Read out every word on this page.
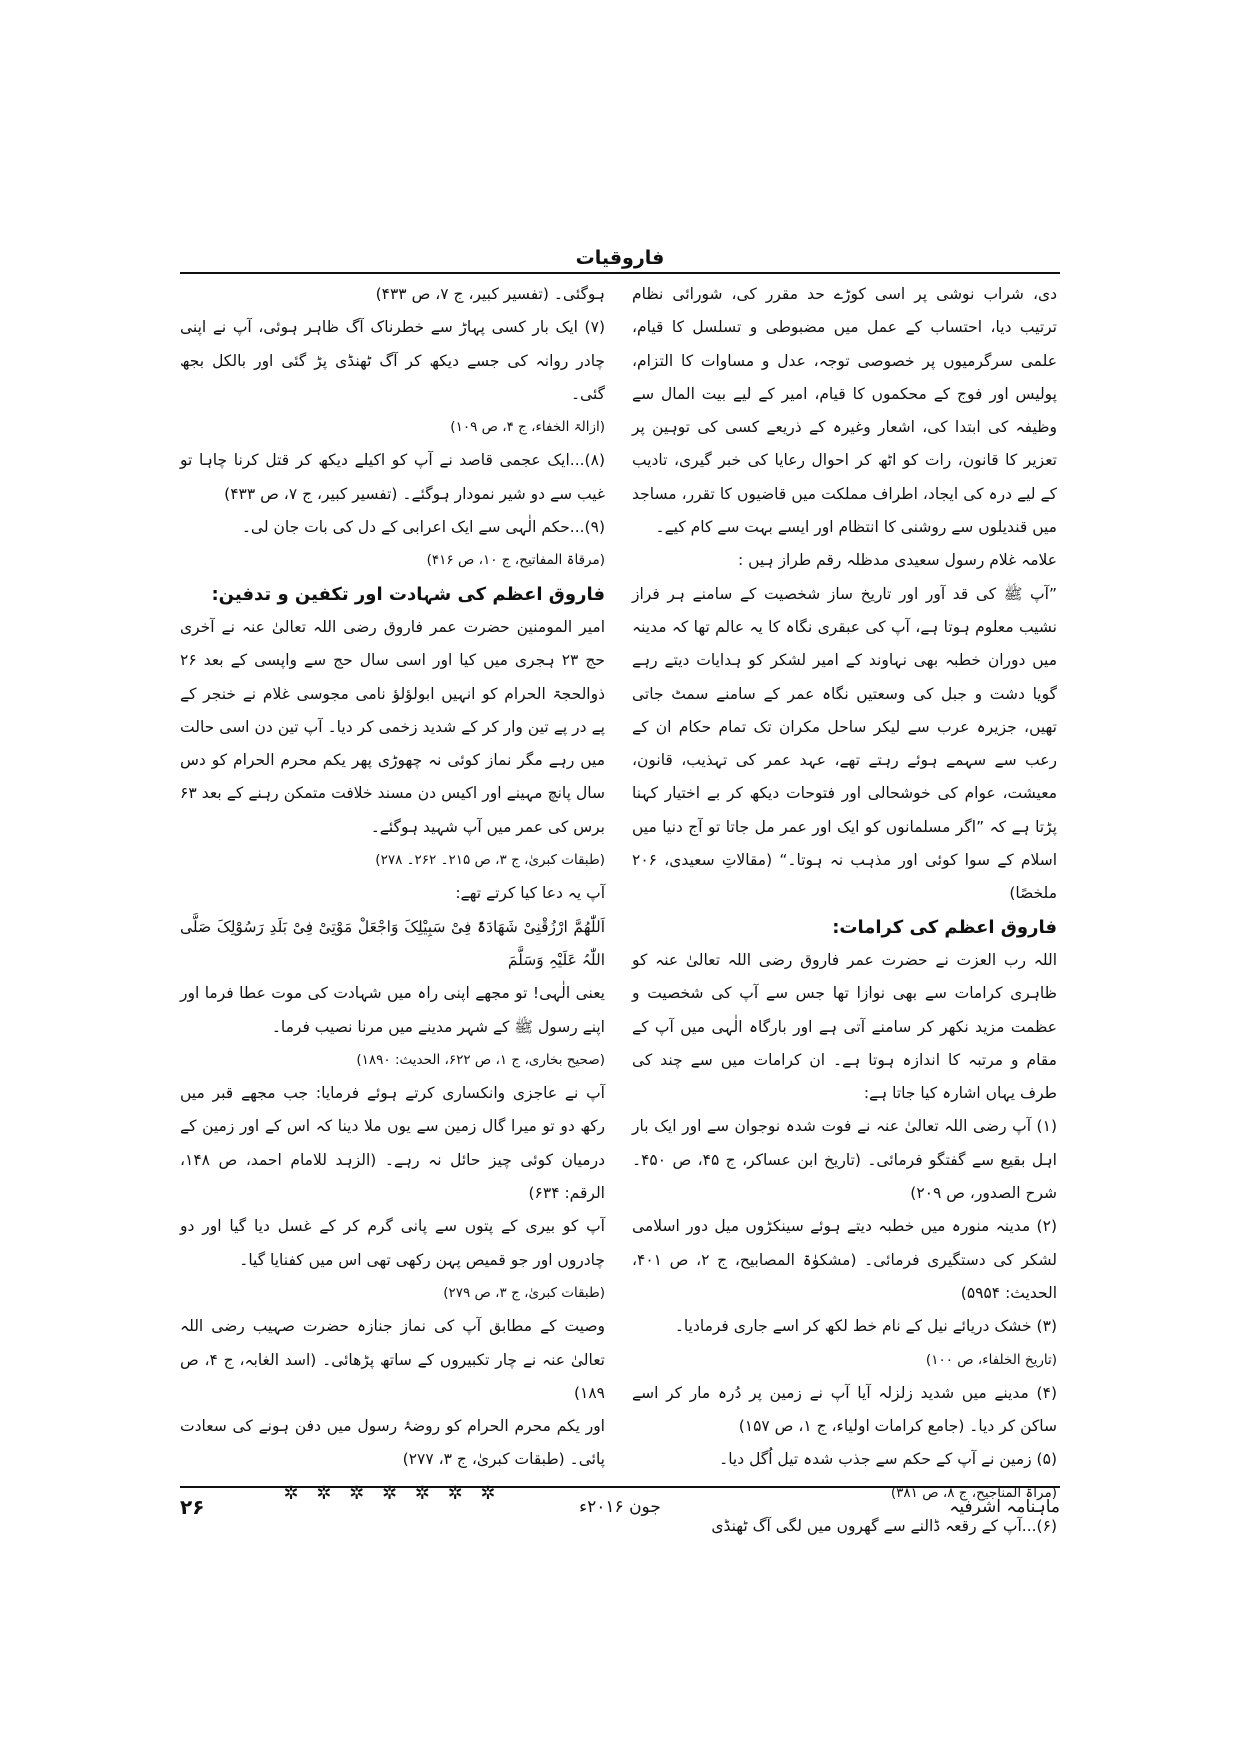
فاروقیات

دی، شراب نوشی پر اسی کوڑے حد مقرر کی، شورائی نظام ترتیب دیا، احتساب کے عمل میں مضبوطی و تسلسل کا قیام، علمی سرگرمیوں پر خصوصی توجہ، عدل و مساوات کا التزام، پولیس اور فوج کے محکموں کا قیام، امیر کے لیے بیت المال سے وظیفہ کی ابتدا کی، اشعار وغیرہ کے ذریعے کسی کی توہین پر تعزیر کا قانون، رات کو اٹھ کر احوال رعایا کی خبر گیری، تادیب کے لیے درہ کی ایجاد، اطراف مملکت میں قاضیوں کا تقرر، مساجد میں قندیلوں سے روشنی کا انتظام اور ایسے بہت سے کام کیے۔

علامہ غلام رسول سعیدی مدظلہ رقم طراز ہیں :

”آپ ﷺ کی قد آور اور تاریخ ساز شخصیت کے سامنے ہر فراز نشیب معلوم ہوتا ہے، آپ کی عبقری نگاہ کا یہ عالم تھا کہ مدینہ میں دوران خطبہ بھی نہاوند کے امیر لشکر کو ہدایات دیتے رہے گویا دشت و جبل کی وسعتیں نگاہ عمر کے سامنے سمٹ جاتی تھیں، جزیرہ عرب سے لیکر ساحل مکران تک تمام حکام ان کے رعب سے سہمے ہوئے رہتے تھے، عہد عمر کی تہذیب، قانون، معیشت، عوام کی خوشحالی اور فتوحات دیکھ کر بے اختیار کہنا پڑتا ہے کہ ”اگر مسلمانوں کو ایک اور عمر مل جاتا تو آج دنیا میں اسلام کے سوا کوئی اور مذہب نہ ہوتا۔“ (مقالاتِ سعیدی، ۲۰۶ ملخصًا)

فاروق اعظم کی کرامات:

اللہ رب العزت نے حضرت عمر فاروق رضی اللہ تعالیٰ عنہ کو ظاہری کرامات سے بھی نوازا تھا جس سے آپ کی شخصیت و عظمت مزید نکھر کر سامنے آتی ہے اور بارگاہ الٰہی میں آپ کے مقام و مرتبہ کا اندازہ ہوتا ہے۔ ان کرامات میں سے چند کی طرف یہاں اشارہ کیا جاتا ہے:

(۱) آپ رضی اللہ تعالیٰ عنہ نے فوت شدہ نوجوان سے اور ایک بار اہل بقیع سے گفتگو فرمائی۔ (تاریخ ابن عساکر، ج ۴۵، ص ۴۵۰۔ شرح الصدور، ص ۲۰۹)

(۲) مدینہ منورہ میں خطبہ دیتے ہوئے سینکڑوں میل دور اسلامی لشکر کی دستگیری فرمائی۔ (مشکوٰۃ المصابیح، ج ۲، ص ۴۰۱، الحدیث: ۵۹۵۴)

(۳) خشک دریائے نیل کے نام خط لکھ کر اسے جاری فرمادیا۔

(تاریخ الخلفاء، ص ۱۰۰)

(۴) مدینے میں شدید زلزلہ آیا آپ نے زمین پر دُرہ مار کر اسے ساکن کر دیا۔ (جامع کرامات اولیاء، ج ۱، ص ۱۵۷)

(۵) زمین نے آپ کے حکم سے جذب شدہ تیل اُگل دیا۔

(مراۃ المناجیح، ج ۸، ص ۳۸۱)

(۶)...آپ کے رقعہ ڈالنے سے گھروں میں لگی آگ ٹھنڈی

ہوگئی۔ (تفسیر کبیر، ج ۷، ص ۴۳۳)

(۷) ایک بار کسی پہاڑ سے خطرناک آگ ظاہر ہوئی، آپ نے اپنی چادر روانہ کی جسے دیکھ کر آگ ٹھنڈی پڑ گئی اور بالکل بجھ گئی۔

(ازالۃ الخفاء، ج ۴، ص ۱۰۹)

(۸)...ایک عجمی قاصد نے آپ کو اکیلے دیکھ کر قتل کرنا چاہا تو غیب سے دو شیر نمودار ہوگئے۔ (تفسیر کبیر، ج ۷، ص ۴۳۳)

(۹)...حکم الٰہی سے ایک اعرابی کے دل کی بات جان لی۔

(مرقاۃ المفاتیح، ج ۱۰، ص ۴۱۶)

فاروق اعظم کی شہادت اور تکفین و تدفین:

امیر المومنین حضرت عمر فاروق رضی اللہ تعالیٰ عنہ نے آخری حج ۲۳ ہجری میں کیا اور اسی سال حج سے واپسی کے بعد ۲۶ ذوالحجۃ الحرام کو انہیں ابولؤلؤ نامی مجوسی غلام نے خنجر کے پے در پے تین وار کر کے شدید زخمی کر دیا۔ آپ تین دن اسی حالت میں رہے مگر نماز کوئی نہ چھوڑی پھر یکم محرم الحرام کو دس سال پانچ مہینے اور اکیس دن مسند خلافت متمکن رہنے کے بعد ۶۳ برس کی عمر میں آپ شہید ہوگئے۔

(طبقات کبریٰ، ج ۳، ص ۲۱۵۔ ۲۶۲۔ ۲۷۸)

آپ یہ دعا کیا کرتے تھے:

اَللّٰھُمَّ ارْزُقْنِیْ شَھَادَۃً فِیْ سَبِیْلِکَ وَاجْعَلْ مَوْتِیْ فِیْ بَلَدِ رَسُوْلِکَ صَلَّی اللّٰہُ عَلَیْہِ وَسَلَّمَ

یعنی الٰہی! تو مجھے اپنی راہ میں شہادت کی موت عطا فرما اور اپنے رسول ﷺ کے شہر مدینے میں مرنا نصیب فرما۔

(صحیح بخاری، ج ۱، ص ۶۲۲، الحدیث: ۱۸۹۰)

آپ نے عاجزی وانکساری کرتے ہوئے فرمایا: جب مجھے قبر میں رکھ دو تو میرا گال زمین سے یوں ملا دینا کہ اس کے اور زمین کے درمیان کوئی چیز حائل نہ رہے۔ (الزہد للامام احمد، ص ۱۴۸، الرقم: ۶۳۴)

آپ کو بیری کے پتوں سے پانی گرم کر کے غسل دیا گیا اور دو چادروں اور جو قمیص پہن رکھی تھی اس میں کفنایا گیا۔

(طبقات کبریٰ، ج ۳، ص ۲۷۹)

وصیت کے مطابق آپ کی نماز جنازہ حضرت صہیب رضی اللہ تعالیٰ عنہ نے چار تکبیروں کے ساتھ پڑھائی۔ (اسد الغابہ، ج ۴، ص ۱۸۹)

اور یکم محرم الحرام کو روضۂ رسول میں دفن ہونے کی سعادت پائی۔ (طبقات کبریٰ، ج ۳، ۲۷۷)

✲ ✲ ✲ ✲ ✲ ✲ ✲

۲۶	جون ۲۰۱۶ء	ماہنامہ اشرفیہ
